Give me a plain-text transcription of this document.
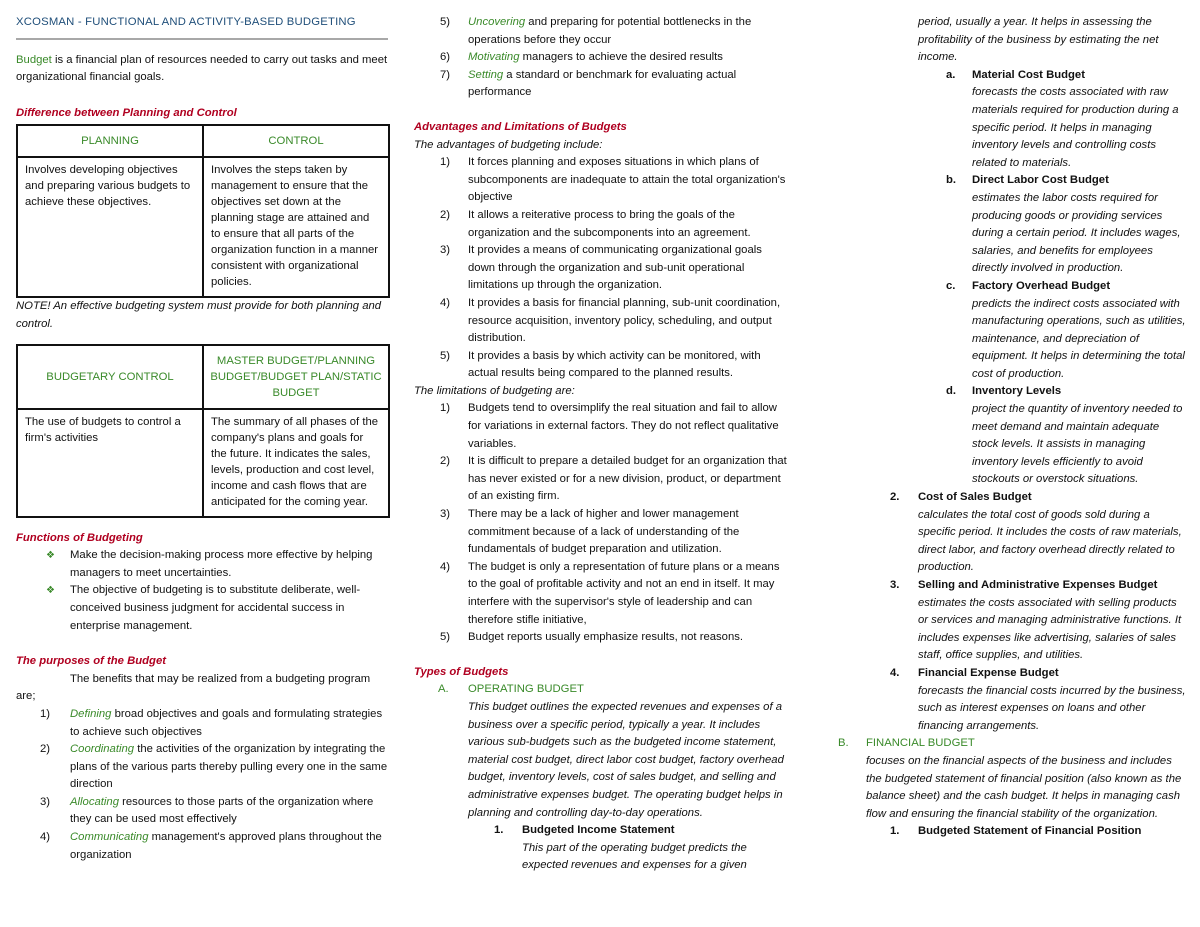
XCOSMAN - FUNCTIONAL AND ACTIVITY-BASED BUDGETING

Budget is a financial plan of resources needed to carry out tasks and meet organizational financial goals.

Difference between Planning and Control

PLANNING	CONTROL
Involves developing objectives and preparing various budgets to achieve these objectives.	Involves the steps taken by management to ensure that the objectives set down at the planning stage are attained and to ensure that all parts of the organization function in a manner consistent with organizational policies.

NOTE! An effective budgeting system must provide for both planning and control.

BUDGETARY CONTROL	MASTER BUDGET/PLANNING BUDGET/BUDGET PLAN/STATIC BUDGET
The use of budgets to control a firm's activities	The summary of all phases of the company's plans and goals for the future. It indicates the sales, levels, production and cost level, income and cash flows that are anticipated for the coming year.

Functions of Budgeting

❖ Make the decision-making process more effective by helping managers to meet uncertainties.

❖ The objective of budgeting is to substitute deliberate, well-conceived business judgment for accidental success in enterprise management.

The purposes of the Budget

The benefits that may be realized from a budgeting program are;

1) Defining broad objectives and goals and formulating strategies to achieve such objectives

2) Coordinating the activities of the organization by integrating the plans of the various parts thereby pulling every one in the same direction

3) Allocating resources to those parts of the organization where they can be used most effectively

4) Communicating management's approved plans throughout the organization

5) Uncovering and preparing for potential bottlenecks in the operations before they occur

6) Motivating managers to achieve the desired results

7) Setting a standard or benchmark for evaluating actual performance

Advantages and Limitations of Budgets

The advantages of budgeting include:

1) It forces planning and exposes situations in which plans of subcomponents are inadequate to attain the total organization's objective

2) It allows a reiterative process to bring the goals of the organization and the subcomponents into an agreement.

3) It provides a means of communicating organizational goals down through the organization and sub-unit operational limitations up through the organization.

4) It provides a basis for financial planning, sub-unit coordination, resource acquisition, inventory policy, scheduling, and output distribution.

5) It provides a basis by which activity can be monitored, with actual results being compared to the planned results.

The limitations of budgeting are:

1) Budgets tend to oversimplify the real situation and fail to allow for variations in external factors. They do not reflect qualitative variables.

2) It is difficult to prepare a detailed budget for an organization that has never existed or for a new division, product, or department of an existing firm.

3) There may be a lack of higher and lower management commitment because of a lack of understanding of the fundamentals of budget preparation and utilization.

4) The budget is only a representation of future plans or a means to the goal of profitable activity and not an end in itself. It may interfere with the supervisor's style of leadership and can therefore stifle initiative,

5) Budget reports usually emphasize results, not reasons.

Types of Budgets

A. OPERATING BUDGET

This budget outlines the expected revenues and expenses of a business over a specific period, typically a year. It includes various sub-budgets such as the budgeted income statement, material cost budget, direct labor cost budget, factory overhead budget, inventory levels, cost of sales budget, and selling and administrative expenses budget. The operating budget helps in planning and controlling day-to-day operations.

1. Budgeted Income Statement

This part of the operating budget predicts the expected revenues and expenses for a given

period, usually a year. It helps in assessing the profitability of the business by estimating the net income.

a. Material Cost Budget

forecasts the costs associated with raw materials required for production during a specific period. It helps in managing inventory levels and controlling costs related to materials.

b. Direct Labor Cost Budget

estimates the labor costs required for producing goods or providing services during a certain period. It includes wages, salaries, and benefits for employees directly involved in production.

c. Factory Overhead Budget

predicts the indirect costs associated with manufacturing operations, such as utilities, maintenance, and depreciation of equipment. It helps in determining the total cost of production.

d. Inventory Levels

project the quantity of inventory needed to meet demand and maintain adequate stock levels. It assists in managing inventory levels efficiently to avoid stockouts or overstock situations.

2. Cost of Sales Budget

calculates the total cost of goods sold during a specific period. It includes the costs of raw materials, direct labor, and factory overhead directly related to production.

3. Selling and Administrative Expenses Budget

estimates the costs associated with selling products or services and managing administrative functions. It includes expenses like advertising, salaries of sales staff, office supplies, and utilities.

4. Financial Expense Budget

forecasts the financial costs incurred by the business, such as interest expenses on loans and other financing arrangements.

B. FINANCIAL BUDGET

focuses on the financial aspects of the business and includes the budgeted statement of financial position (also known as the balance sheet) and the cash budget. It helps in managing cash flow and ensuring the financial stability of the organization.

1. Budgeted Statement of Financial Position
